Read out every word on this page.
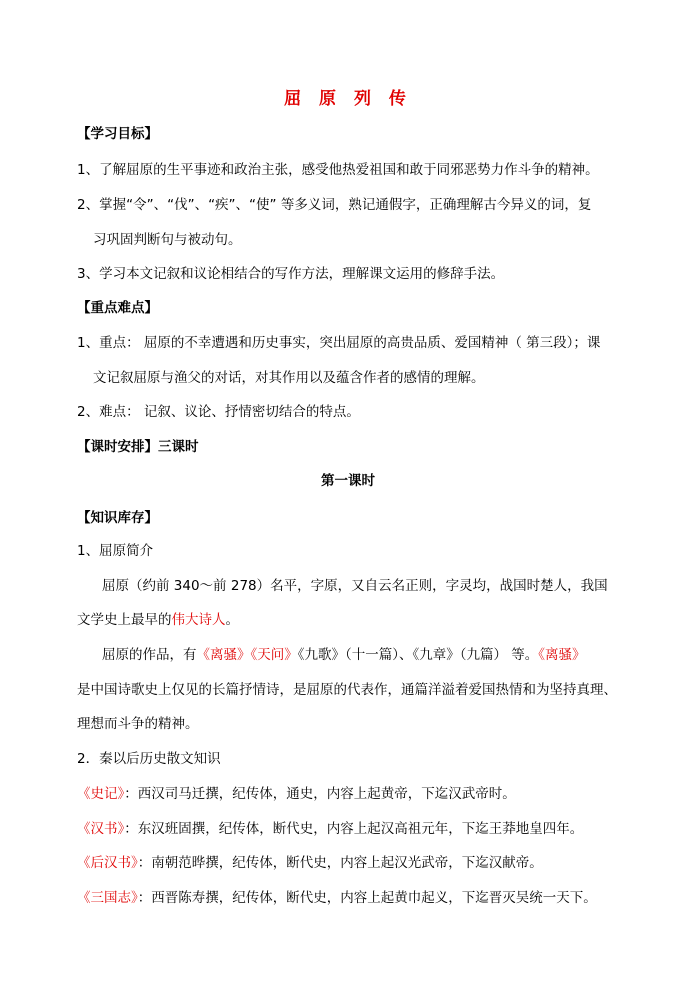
屈 原 列 传
【学习目标】
1、了解屈原的生平事迹和政治主张，感受他热爱祖国和敢于同邪恶势力作斗争的精神。
2、掌握“令”、“伐”、“疾”、“使” 等多义词，熟记通假字，正确理解古今异义的词，复
习巩固判断句与被动句。
3、学习本文记叙和议论相结合的写作方法，理解课文运用的修辞手法。
【重点难点】
1、重点： 屈原的不幸遭遇和历史事实，突出屈原的高贵品质、爱国精神（ 第三段）；课
文记叙屈原与渔父的对话，对其作用以及蕴含作者的感情的理解。
2、难点： 记叙、议论、抒情密切结合的特点。
【课时安排】三课时
第一课时
【知识库存】
1、屈原简介
屈原（约前 340～前 278）名平，字原，又自云名正则，字灵均，战国时楚人，我国
文学史上最早的伟大诗人。
屈原的作品，有《离骚》《天问》《九歌》（十一篇）、《九章》（九篇） 等。《离骚》
是中国诗歌史上仅见的长篇抒情诗，是屈原的代表作，通篇洋溢着爱国热情和为坚持真理、
理想而斗争的精神。
2．秦以后历史散文知识
《史记》：西汉司马迁撰，纪传体，通史，内容上起黄帝，下迄汉武帝时。
《汉书》：东汉班固撰，纪传体，断代史，内容上起汉高祖元年，下迄王莽地皇四年。
《后汉书》：南朝范晔撰，纪传体，断代史，内容上起汉光武帝，下迄汉献帝。
《三国志》：西晋陈寿撰，纪传体，断代史，内容上起黄巾起义，下迄晋灭吴统一天下。
